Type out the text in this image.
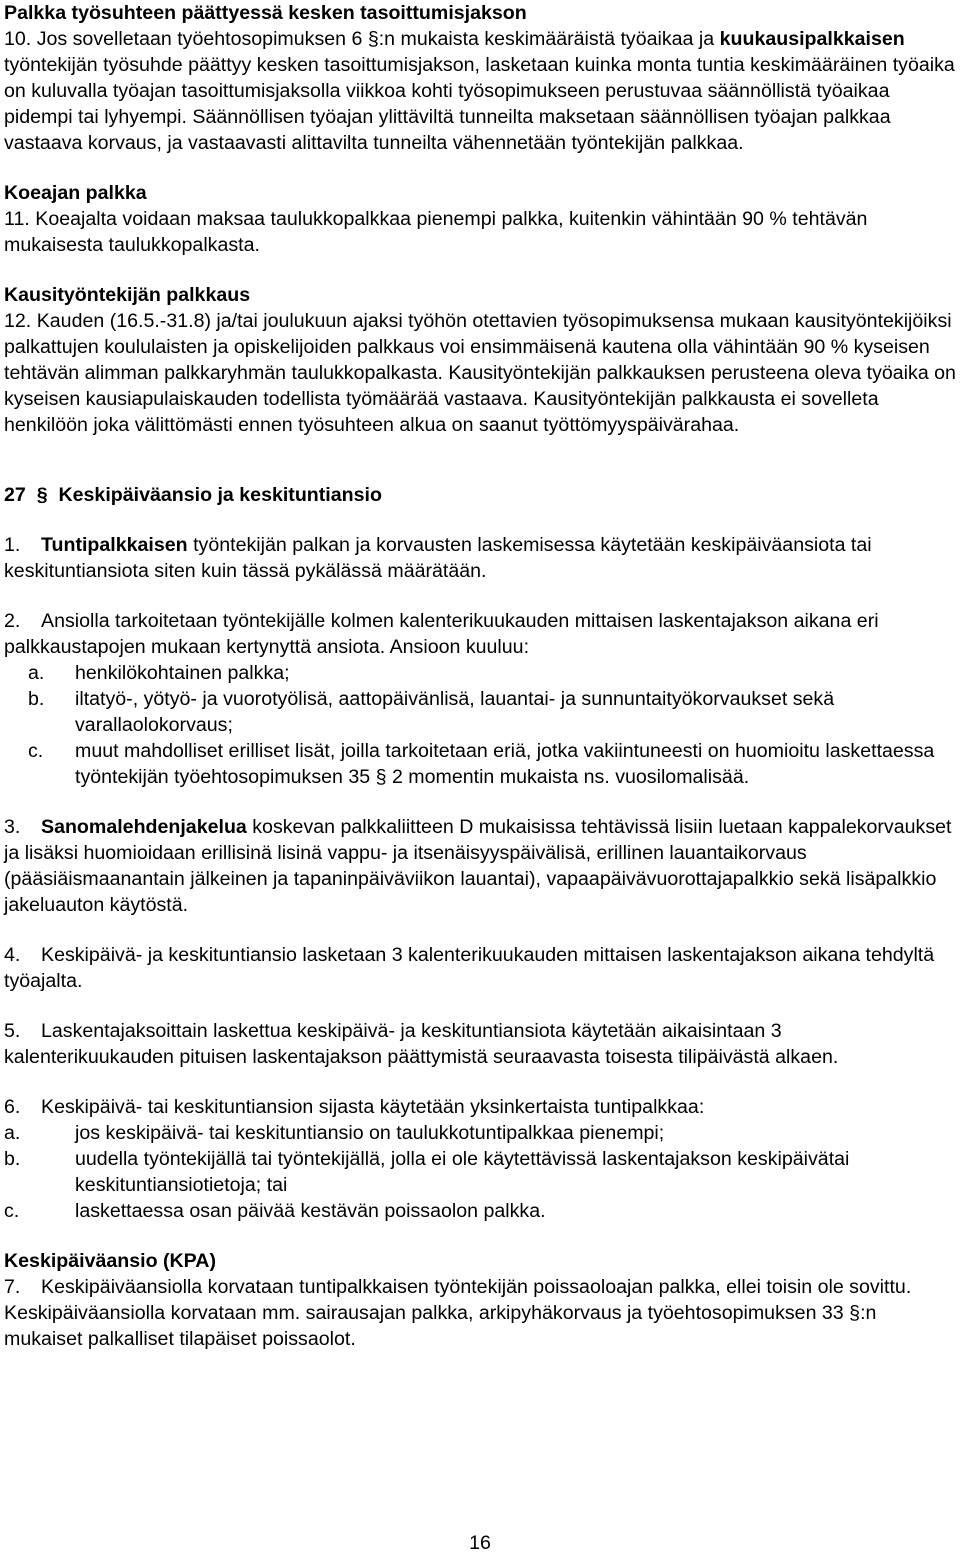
Palkka työsuhteen päättyessä kesken tasoittumisjakson

10. Jos sovelletaan työehtosopimuksen 6 §:n mukaista keskimääräistä työaikaa ja kuukausipalkkaisen työntekijän työsuhde päättyy kesken tasoittumisjakson, lasketaan kuinka monta tuntia keskimääräinen työaika on kuluvalla työajan tasoittumisjaksolla viikkoa kohti työsopimukseen perustuvaa säännöllistä työaikaa pidempi tai lyhyempi. Säännöllisen työajan ylittäviltä tunneilta maksetaan säännöllisen työajan palkkaa vastaava korvaus, ja vastaavasti alittavilta tunneilta vähennetään työntekijän palkkaa.

Koeajan palkka

11. Koeajalta voidaan maksaa taulukkopalkkaa pienempi palkka, kuitenkin vähintään 90 % tehtävän mukaisesta taulukkopalkasta.

Kausityöntekijän palkkaus

12. Kauden (16.5.-31.8) ja/tai joulukuun ajaksi työhön otettavien työsopimuksensa mukaan kausityöntekijöiksi palkattujen koululaisten ja opiskelijoiden palkkaus voi ensimmäisenä kautena olla vähintään 90 % kyseisen tehtävän alimman palkkaryhmän taulukkopalkasta. Kausityöntekijän palkkauksen perusteena oleva työaika on kyseisen kausiapulaiskauden todellista työmäärää vastaava. Kausityöntekijän palkkausta ei sovelleta henkilöön joka välittömästi ennen työsuhteen alkua on saanut työttömyyspäivärahaa.

27 § Keskipäiväansio ja keskituntiansio

1. Tuntipalkkaisen työntekijän palkan ja korvausten laskemisessa käytetään keskipäiväansiota tai keskituntiansiota siten kuin tässä pykälässä määrätään.

2. Ansiolla tarkoitetaan työntekijälle kolmen kalenterikuukauden mittaisen laskentajakson aikana eri palkkaustapojen mukaan kertynyttä ansiota. Ansioon kuuluu:

a.	henkilökohtainen palkka;
b.	iltatyö-, yötyö- ja vuorotyölisä, aattopäivänlisä, lauantai- ja sunnuntaityökorvaukset sekä varallaolokorvaus;
c.	muut mahdolliset erilliset lisät, joilla tarkoitetaan eriä, jotka vakiintuneesti on huomioitu laskettaessa työntekijän työehtosopimuksen 35 § 2 momentin mukaista ns. vuosilomalisää.

3. Sanomalehdenjakelua koskevan palkkaliitteen D mukaisissa tehtävissä lisiin luetaan kappalekorvaukset ja lisäksi huomioidaan erillisinä lisinä vappu- ja itsenäisyyspäivälisä, erillinen lauantaikorvaus (pääsiäismaanantain jälkeinen ja tapaninpäiväviikon lauantai), vapaapäivävuorottajapalkkio sekä lisäpalkkio jakeluauton käytöstä.

4. Keskipäivä- ja keskituntiansio lasketaan 3 kalenterikuukauden mittaisen laskentajakson aikana tehdyltä työajalta.

5. Laskentajaksoittain laskettua keskipäivä- ja keskituntiansiota käytetään aikaisintaan 3 kalenterikuukauden pituisen laskentajakson päättymistä seuraavasta toisesta tilipäivästä alkaen.

6. Keskipäivä- tai keskituntiansion sijasta käytetään yksinkertaista tuntipalkkaa:

a.	jos keskipäivä- tai keskituntiansio on taulukkotuntipalkkaa pienempi;
b.	uudella työntekijällä tai työntekijällä, jolla ei ole käytettävissä laskentajakson keskipäivätai keskituntiansiotietoja; tai
c.	laskettaessa osan päivää kestävän poissaolon palkka.

Keskipäiväansio (KPA)

7. Keskipäiväansiolla korvataan tuntipalkkaisen työntekijän poissaoloajan palkka, ellei toisin ole sovittu. Keskipäiväansiolla korvataan mm. sairausajan palkka, arkipyhäkorvaus ja työehtosopimuksen 33 §:n mukaiset palkalliset tilapäiset poissaolot.

16
